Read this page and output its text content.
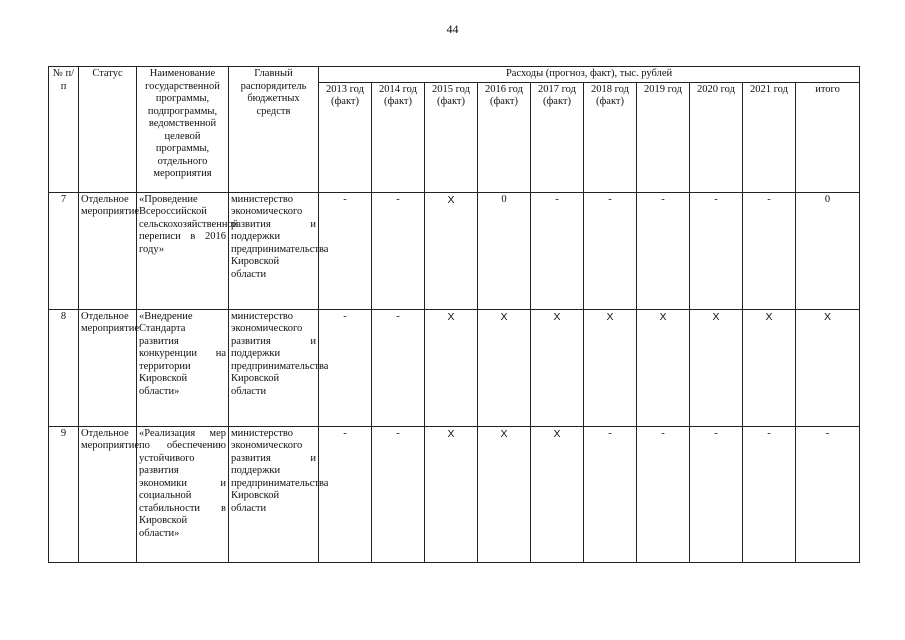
44
№ п/п	Статус	Наименование государственной программы, подпрограммы, ведомственной целевой программы, отдельного мероприятия	Главный распорядитель бюджетных средств	Расходы (прогноз, факт), тыс. рублей									
				2013 год (факт)	2014 год (факт)	2015 год (факт)	2016 год (факт)	2017 год (факт)	2018 год (факт)	2019 год	2020 год	2021 год	итого
7	Отдельное мероприятие	«Проведение Всероссийской сельскохозяйственной переписи в 2016 году»	министерство экономического развития и поддержки предпринимательства Кировской области	-	-	Х	0	-	-	-	-	-	0
8	Отдельное мероприятие	«Внедрение Стандарта развития конкуренции на территории Кировской области»	министерство экономического развития и поддержки предпринимательства Кировской области	-	-	Х	Х	Х	Х	Х	Х	Х	Х
9	Отдельное мероприятие	«Реализация мер по обеспечению устойчивого развития экономики и социальной стабильности в Кировской области»	министерство экономического развития и поддержки предпринимательства Кировской области	-	-	Х	Х	Х	-	-	-	-	-
